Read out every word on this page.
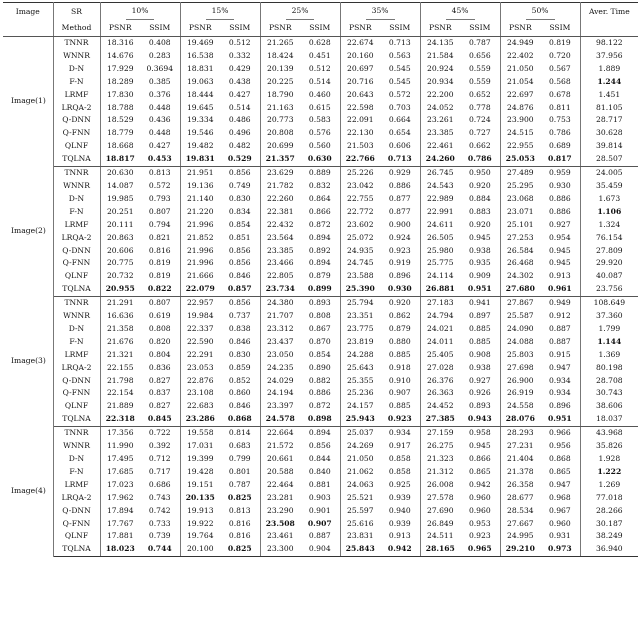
Image	SR	10%		15%		25%		35%		45%		50%		Aver. Time
	Method	PSNR	SSIM	PSNR	SSIM	PSNR	SSIM	PSNR	SSIM	PSNR	SSIM	PSNR	SSIM	
Image(1)	TNNR	18.316	0.408	19.469	0.512	21.265	0.628	22.674	0.713	24.135	0.787	24.949	0.819	98.122
	WNNR	14.676	0.283	16.538	0.332	18.424	0.451	20.160	0.563	21.584	0.656	22.402	0.720	37.956
	D-N	17.929	0.3694	18.831	0.429	20.139	0.512	20.697	0.545	20.924	0.559	21.050	0.567	1.889
	F-N	18.289	0.385	19.063	0.438	20.225	0.514	20.716	0.545	20.934	0.559	21.054	0.568	1.244
	LRMF	17.830	0.376	18.444	0.427	18.790	0.460	20.643	0.572	22.200	0.652	22.697	0.678	1.451
	LRQA-2	18.788	0.448	19.645	0.514	21.163	0.615	22.598	0.703	24.052	0.778	24.876	0.811	81.105
	Q-DNN	18.529	0.436	19.334	0.486	20.773	0.583	22.091	0.664	23.261	0.724	23.900	0.753	28.717
	Q-FNN	18.779	0.448	19.546	0.496	20.808	0.576	22.130	0.654	23.385	0.727	24.515	0.786	30.628
	QLNF	18.668	0.427	19.482	0.482	20.699	0.560	21.503	0.606	22.461	0.662	22.955	0.689	39.814
	TQLNA	18.817	0.453	19.831	0.529	21.357	0.630	22.766	0.713	24.260	0.786	25.053	0.817	28.507
Image(2)	TNNR	20.630	0.813	21.951	0.856	23.629	0.889	25.226	0.929	26.745	0.950	27.489	0.959	24.005
	WNNR	14.087	0.572	19.136	0.749	21.782	0.832	23.042	0.886	24.543	0.920	25.295	0.930	35.459
	D-N	19.985	0.793	21.140	0.830	22.260	0.864	22.755	0.877	22.989	0.884	23.068	0.886	1.673
	F-N	20.251	0.807	21.220	0.834	22.381	0.866	22.772	0.877	22.991	0.883	23.071	0.886	1.106
	LRMF	20.111	0.794	21.996	0.854	22.432	0.872	23.602	0.900	24.611	0.920	25.101	0.927	1.324
	LRQA-2	20.863	0.821	21.852	0.851	23.564	0.894	25.072	0.924	26.505	0.945	27.253	0.954	76.154
	Q-DNN	20.606	0.816	21.996	0.856	23.385	0.892	24.935	0.923	25.980	0.938	26.584	0.945	27.809
	Q-FNN	20.775	0.819	21.996	0.856	23.466	0.894	24.745	0.919	25.775	0.935	26.468	0.945	29.920
	QLNF	20.732	0.819	21.666	0.846	22.805	0.879	23.588	0.896	24.114	0.909	24.302	0.913	40.087
	TQLNA	20.955	0.822	22.079	0.857	23.734	0.899	25.390	0.930	26.881	0.951	27.680	0.961	23.756
Image(3)	TNNR	21.291	0.807	22.957	0.856	24.380	0.893	25.794	0.920	27.183	0.941	27.867	0.949	108.649
	WNNR	16.636	0.619	19.984	0.737	21.707	0.808	23.351	0.862	24.794	0.897	25.587	0.912	37.360
	D-N	21.358	0.808	22.337	0.838	23.312	0.867	23.775	0.879	24.021	0.885	24.090	0.887	1.799
	F-N	21.676	0.820	22.590	0.846	23.437	0.870	23.819	0.880	24.011	0.885	24.088	0.887	1.144
	LRMF	21.321	0.804	22.291	0.830	23.050	0.854	24.288	0.885	25.405	0.908	25.803	0.915	1.369
	LRQA-2	22.155	0.836	23.053	0.859	24.235	0.890	25.643	0.918	27.028	0.938	27.698	0.947	80.198
	Q-DNN	21.798	0.827	22.876	0.852	24.029	0.882	25.355	0.910	26.376	0.927	26.900	0.934	28.708
	Q-FNN	22.154	0.837	23.108	0.860	24.194	0.886	25.236	0.907	26.363	0.926	26.919	0.934	30.743
	QLNF	21.889	0.827	22.683	0.846	23.397	0.872	24.157	0.885	24.452	0.893	24.558	0.896	38.606
	TQLNA	22.318	0.845	23.286	0.868	24.578	0.898	25.943	0.923	27.385	0.943	28.076	0.951	18.037
Image(4)	TNNR	17.356	0.722	19.558	0.814	22.664	0.894	25.037	0.934	27.159	0.958	28.293	0.966	43.968
	WNNR	11.990	0.392	17.031	0.683	21.572	0.856	24.269	0.917	26.275	0.945	27.231	0.956	35.826
	D-N	17.495	0.712	19.399	0.799	20.661	0.844	21.050	0.858	21.323	0.866	21.404	0.868	1.928
	F-N	17.685	0.717	19.428	0.801	20.588	0.840	21.062	0.858	21.312	0.865	21.378	0.865	1.222
	LRMF	17.023	0.686	19.151	0.787	22.464	0.881	24.063	0.925	26.008	0.942	26.358	0.947	1.269
	LRQA-2	17.962	0.743	20.135	0.825	23.281	0.903	25.521	0.939	27.578	0.960	28.677	0.968	77.018
	Q-DNN	17.894	0.742	19.913	0.813	23.290	0.901	25.597	0.940	27.690	0.960	28.534	0.967	28.266
	Q-FNN	17.767	0.733	19.922	0.816	23.508	0.907	25.616	0.939	26.849	0.953	27.667	0.960	30.187
	QLNF	17.881	0.739	19.764	0.816	23.461	0.887	23.831	0.913	24.511	0.923	24.995	0.931	38.249
	TQLNA	18.023	0.744	20.100	0.825	23.300	0.904	25.843	0.942	28.165	0.965	29.210	0.973	36.940
